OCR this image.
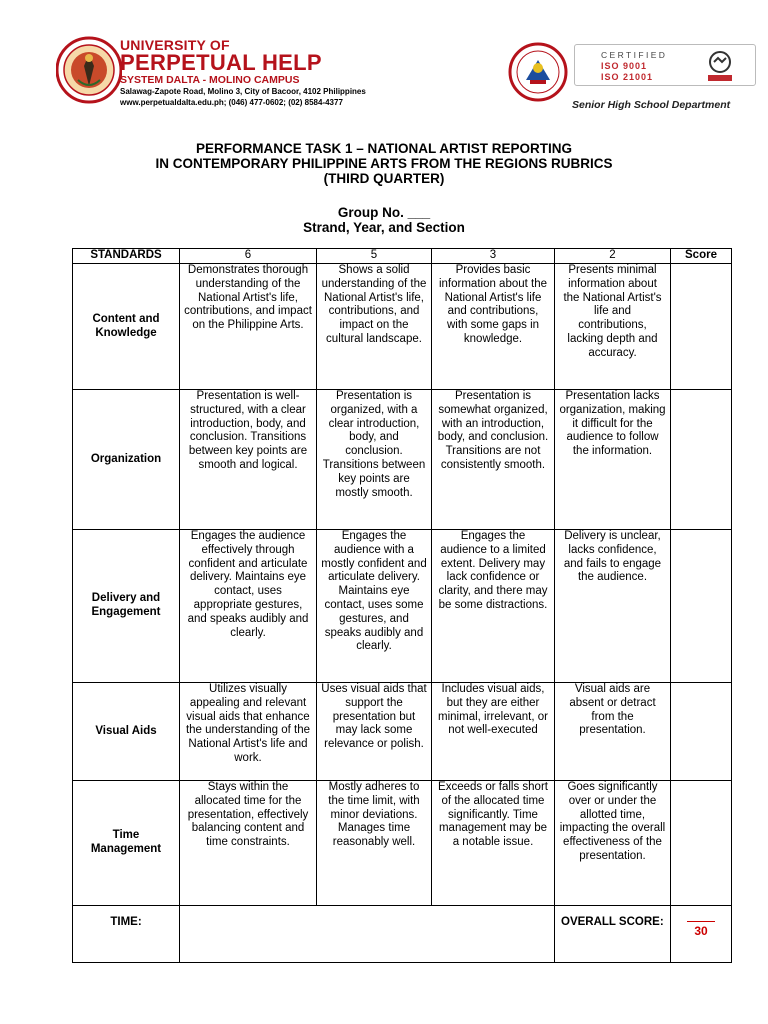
UNIVERSITY OF
PERPETUAL HELP
SYSTEM DALTA - MOLINO CAMPUS
Salawag-Zapote Road, Molino 3, City of Bacoor, 4102 Philippines
www.perpetualdalta.edu.ph; (046) 477-0602; (02) 8584-4377
CERTIFIED
ISO 9001
ISO 21001
Senior High School Department
PERFORMANCE TASK 1 – NATIONAL ARTIST REPORTING
IN CONTEMPORARY PHILIPPINE ARTS FROM THE REGIONS RUBRICS
(THIRD QUARTER)
Group No. ___
Strand, Year, and Section
STANDARDS	6	5	3	2	Score
Content and Knowledge	Demonstrates thorough understanding of the National Artist's life, contributions, and impact on the Philippine Arts.	Shows a solid understanding of the National Artist's life, contributions, and impact on the cultural landscape.	Provides basic information about the National Artist's life and contributions, with some gaps in knowledge.	Presents minimal information about the National Artist's life and contributions, lacking depth and accuracy.	
Organization	Presentation is well-structured, with a clear introduction, body, and conclusion. Transitions between key points are smooth and logical.	Presentation is organized, with a clear introduction, body, and conclusion. Transitions between key points are mostly smooth.	Presentation is somewhat organized, with an introduction, body, and conclusion. Transitions are not consistently smooth.	Presentation lacks organization, making it difficult for the audience to follow the information.	
Delivery and Engagement	Engages the audience effectively through confident and articulate delivery. Maintains eye contact, uses appropriate gestures, and speaks audibly and clearly.	Engages the audience with a mostly confident and articulate delivery. Maintains eye contact, uses some gestures, and speaks audibly and clearly.	Engages the audience to a limited extent. Delivery may lack confidence or clarity, and there may be some distractions.	Delivery is unclear, lacks confidence, and fails to engage the audience.	
Visual Aids	Utilizes visually appealing and relevant visual aids that enhance the understanding of the National Artist's life and work.	Uses visual aids that support the presentation but may lack some relevance or polish.	Includes visual aids, but they are either minimal, irrelevant, or not well-executed	Visual aids are absent or detract from the presentation.	
Time Management	Stays within the allocated time for the presentation, effectively balancing content and time constraints.	Mostly adheres to the time limit, with minor deviations. Manages time reasonably well.	Exceeds or falls short of the allocated time significantly. Time management may be a notable issue.	Goes significantly over or under the allotted time, impacting the overall effectiveness of the presentation.	
TIME:				OVERALL SCORE:	30
